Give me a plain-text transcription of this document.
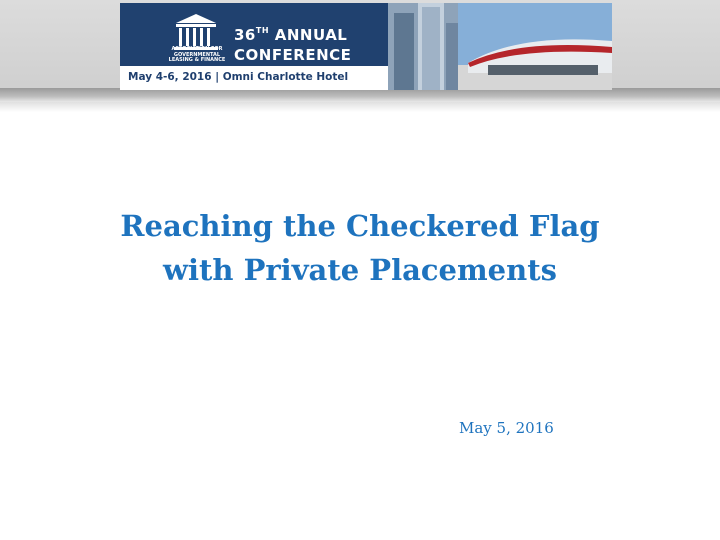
ASSOCIATION FOR GOVERNMENTAL LEASING & FINANCE
36TH ANNUAL
CONFERENCE
May 4-6, 2016 | Omni Charlotte Hotel
Reaching the Checkered Flag
with Private Placements
May 5, 2016
